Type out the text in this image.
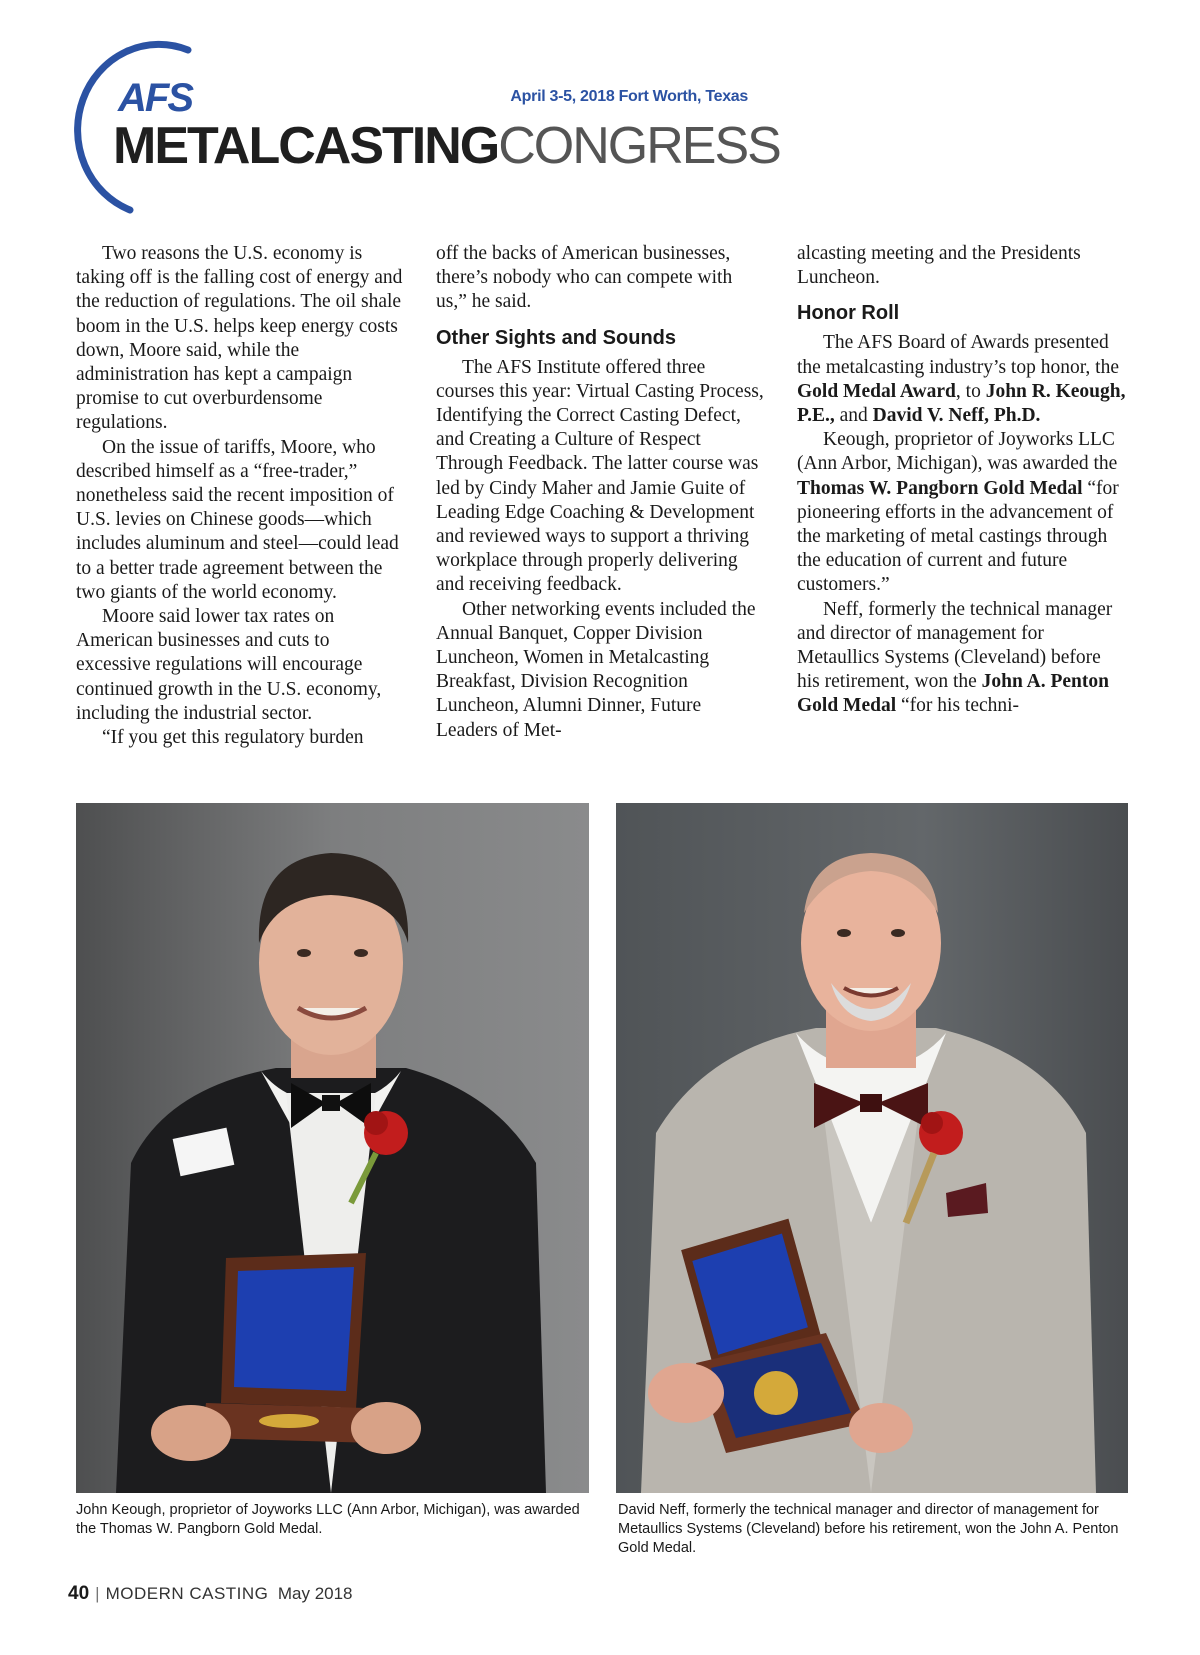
AFS	April 3-5, 2018 Fort Worth, Texas
METALCASTINGCONGRESS

Two reasons the U.S. economy is taking off is the falling cost of energy and the reduction of regulations. The oil shale boom in the U.S. helps keep energy costs down, Moore said, while the administration has kept a campaign promise to cut overburdensome regulations.

On the issue of tariffs, Moore, who described himself as a “free-trader,” nonetheless said the recent imposition of U.S. levies on Chinese goods—which includes aluminum and steel—could lead to a better trade agreement between the two giants of the world economy.

Moore said lower tax rates on American businesses and cuts to excessive regulations will encourage continued growth in the U.S. economy, including the industrial sector.

“If you get this regulatory burden

off the backs of American businesses, there’s nobody who can compete with us,” he said.

Other Sights and Sounds

The AFS Institute offered three courses this year: Virtual Casting Process, Identifying the Correct Casting Defect, and Creating a Culture of Respect Through Feedback. The latter course was led by Cindy Maher and Jamie Guite of Leading Edge Coaching & Development and reviewed ways to support a thriving workplace through properly delivering and receiving feedback.

Other networking events included the Annual Banquet, Copper Division Luncheon, Women in Metalcasting Breakfast, Division Recognition Luncheon, Alumni Dinner, Future Leaders of Met-

alcasting meeting and the Presidents Luncheon.

Honor Roll

The AFS Board of Awards presented the metalcasting industry’s top honor, the Gold Medal Award, to John R. Keough, P.E., and David V. Neff, Ph.D.

Keough, proprietor of Joyworks LLC (Ann Arbor, Michigan), was awarded the Thomas W. Pangborn Gold Medal “for pioneering efforts in the advancement of the marketing of metal castings through the education of current and future customers.”

Neff, formerly the technical manager and director of management for Metaullics Systems (Cleveland) before his retirement, won the John A. Penton Gold Medal “for his techni-

John Keough, proprietor of Joyworks LLC (Ann Arbor, Michigan), was awarded the Thomas W. Pangborn Gold Medal.
David Neff, formerly the technical manager and director of management for Metaullics Systems (Cleveland) before his retirement, won the John A. Penton Gold Medal.
40 | MODERN CASTING May 2018
